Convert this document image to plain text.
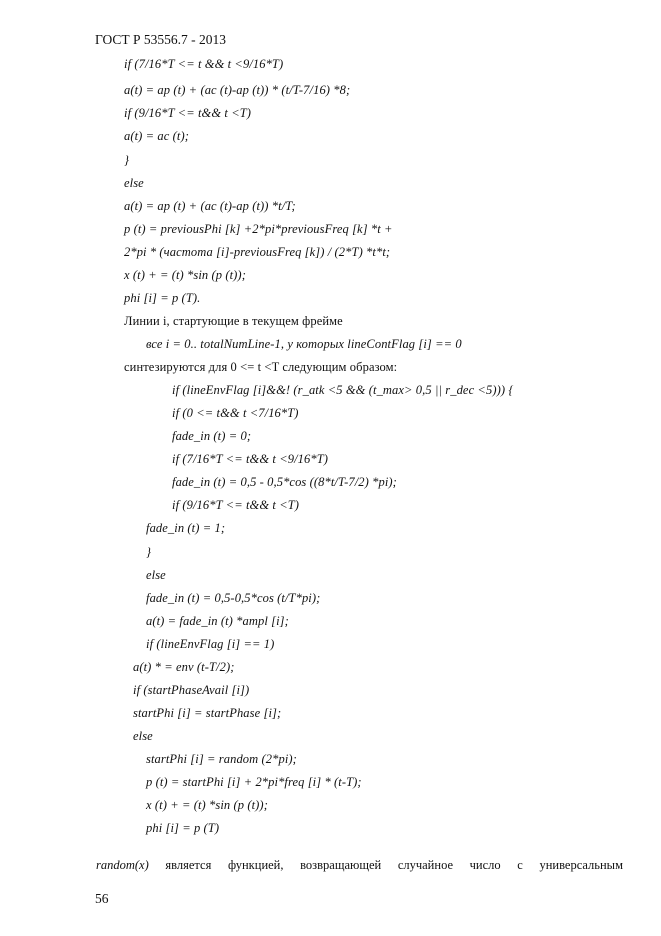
ГОСТ Р 53556.7 - 2013
if (7/16*T <= t && t <9/16*T)
a(t) = ap (t) + (ac (t)-ap (t)) * (t/T-7/16) *8;
if (9/16*T <= t&& t <T)
a(t) = ac (t);
}
else
a(t) = ap (t) + (ac (t)-ap (t)) *t/T;
p (t) = previousPhi [k] +2*pi*previousFreq [k] *t +
2*pi * (частота [i]-previousFreq [k]) / (2*T) *t*t;
x (t) + = (t) *sin (p (t));
phi [i] = p (T).
Линии i, стартующие в текущем фрейме
все i = 0.. totalNumLine-1, у которых lineContFlag [i] == 0
синтезируются для 0 <= t <T следующим образом:
if (lineEnvFlag [i]&&! (r_atk <5 && (t_max> 0,5 || r_dec <5))) {
if (0 <= t&& t <7/16*T)
fade_in (t) = 0;
if (7/16*T <= t&& t <9/16*T)
fade_in (t) = 0,5 - 0,5*cos ((8*t/T-7/2) *pi);
if (9/16*T <= t&& t <T)
fade_in (t) = 1;
}
else
fade_in (t) = 0,5-0,5*cos (t/T*pi);
a(t) = fade_in (t) *ampl [i];
if (lineEnvFlag [i] == 1)
a(t) * = env (t-T/2);
if (startPhaseAvail [i])
startPhi [i] = startPhase [i];
else
startPhi [i] = random (2*pi);
p (t) = startPhi [i] + 2*pi*freq [i] * (t-T);
x (t) + = (t) *sin (p (t));
phi [i] = p (T)
random(x) является функцией, возвращающей случайное число с универсальным
56
